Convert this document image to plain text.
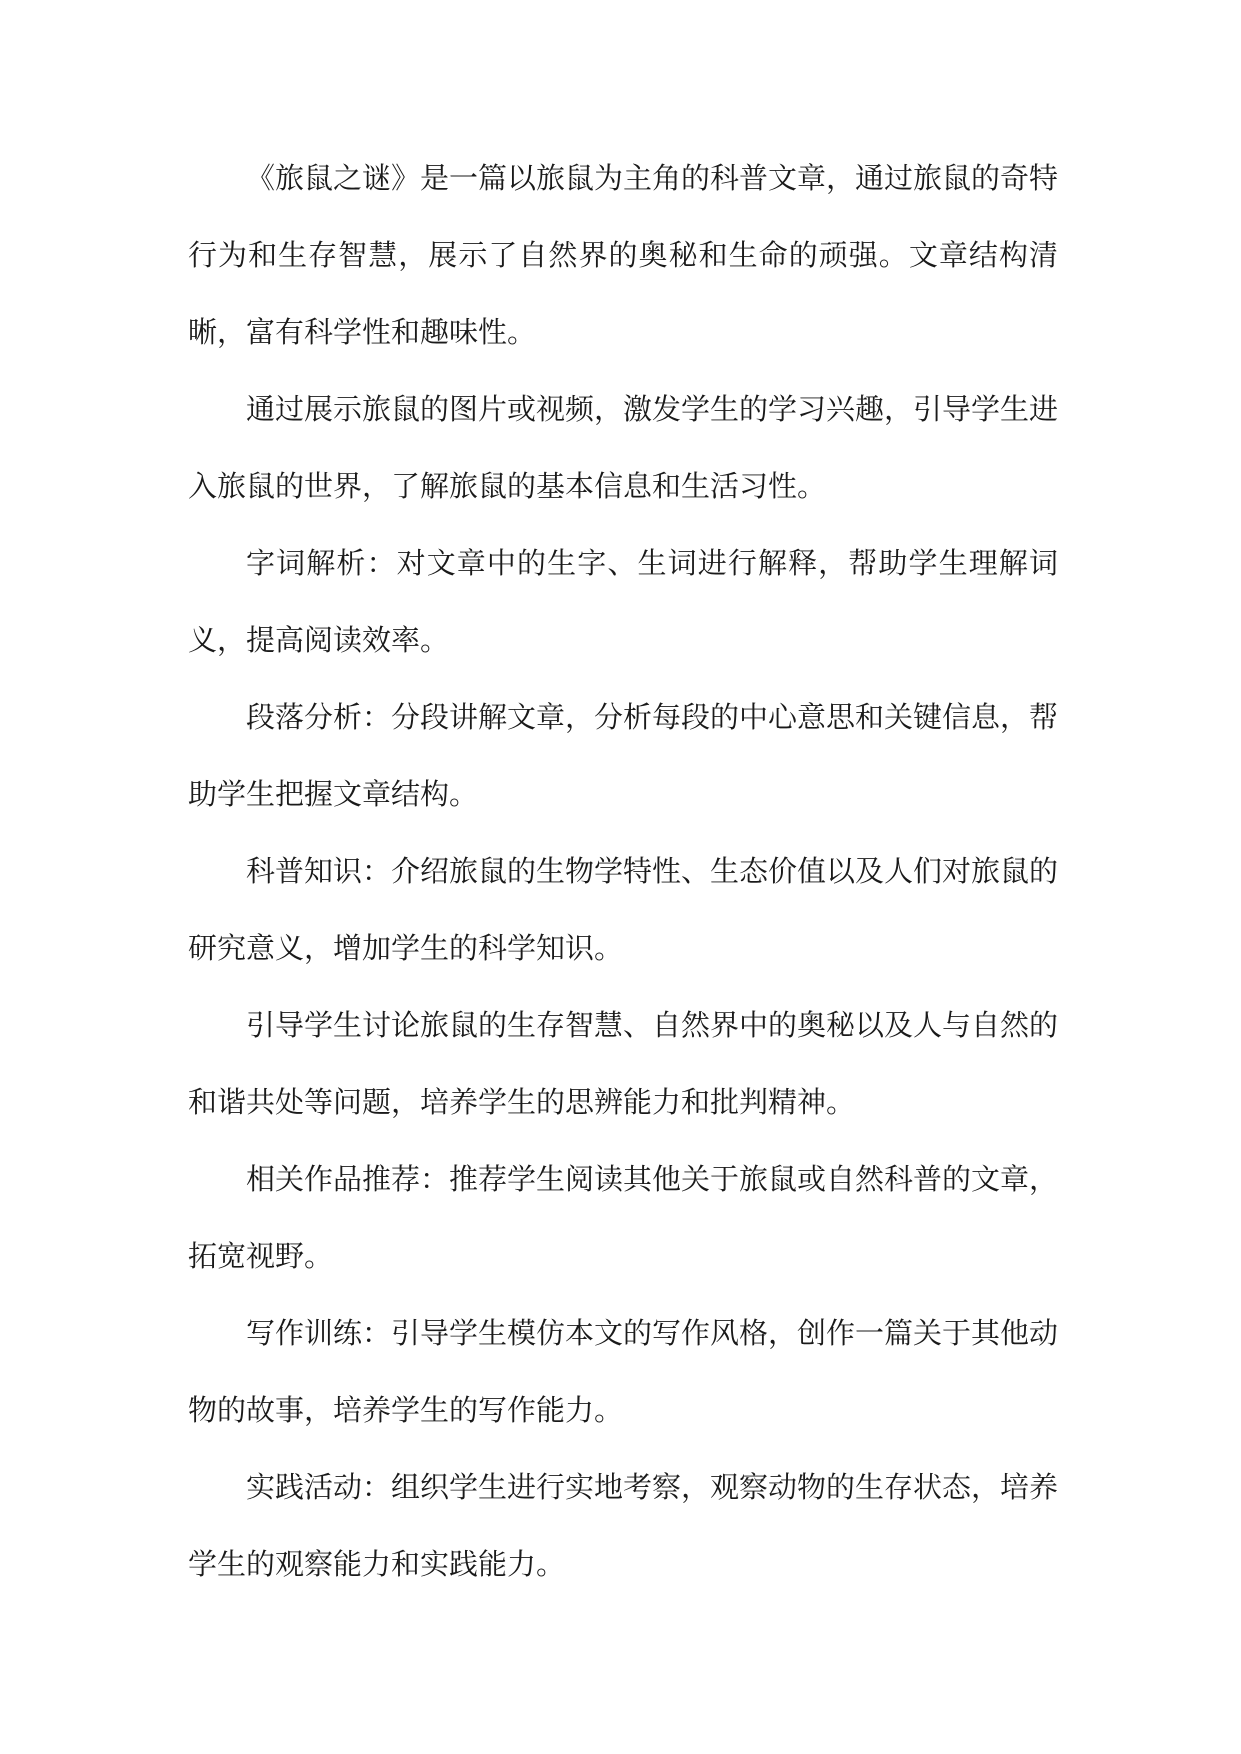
《旅鼠之谜》是一篇以旅鼠为主角的科普文章，通过旅鼠的奇特行为和生存智慧，展示了自然界的奥秘和生命的顽强。文章结构清晰，富有科学性和趣味性。

通过展示旅鼠的图片或视频，激发学生的学习兴趣，引导学生进入旅鼠的世界，了解旅鼠的基本信息和生活习性。

字词解析：对文章中的生字、生词进行解释，帮助学生理解词义，提高阅读效率。

段落分析：分段讲解文章，分析每段的中心意思和关键信息，帮助学生把握文章结构。

科普知识：介绍旅鼠的生物学特性、生态价值以及人们对旅鼠的研究意义，增加学生的科学知识。

引导学生讨论旅鼠的生存智慧、自然界中的奥秘以及人与自然的和谐共处等问题，培养学生的思辨能力和批判精神。

相关作品推荐：推荐学生阅读其他关于旅鼠或自然科普的文章，拓宽视野。

写作训练：引导学生模仿本文的写作风格，创作一篇关于其他动物的故事，培养学生的写作能力。

实践活动：组织学生进行实地考察，观察动物的生存状态，培养学生的观察能力和实践能力。
